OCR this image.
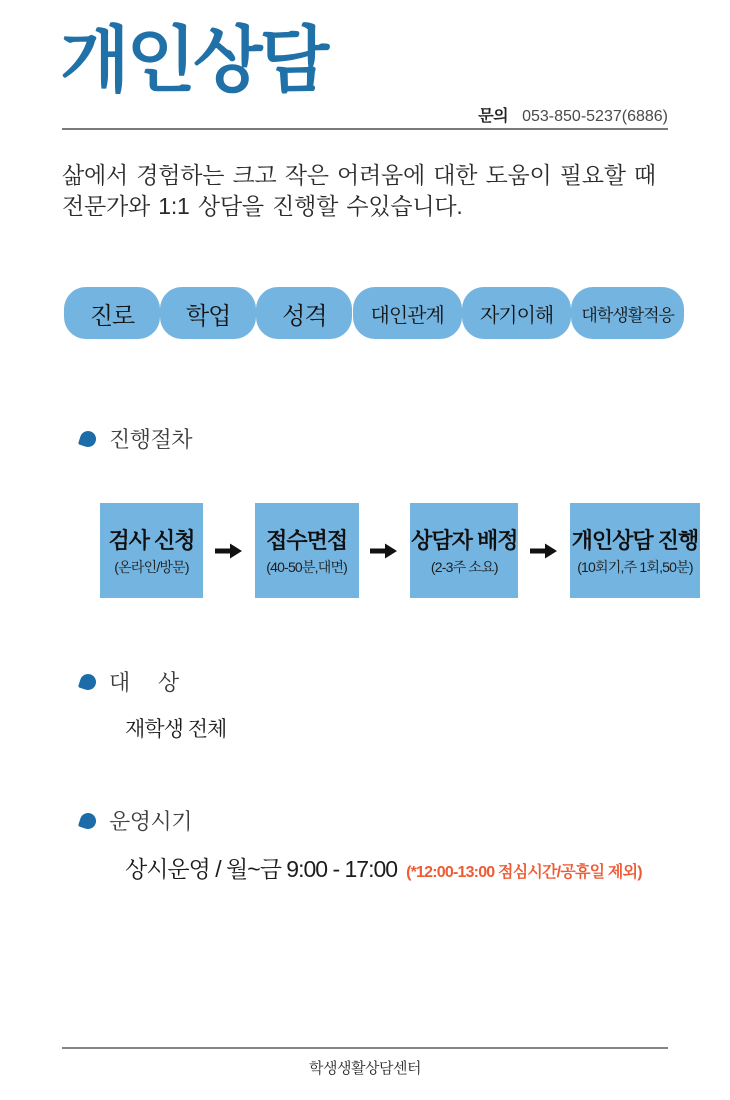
개인상담
문의 053-850-5237(6886)

삶에서 경험하는 크고 작은 어려움에 대한 도움이 필요할 때 전문가와 1:1 상담을 진행할 수있습니다.

진로 학업 성격 대인관계 자기이해 대학생활적응
진행절차
검사 신청
(온라인/방문)
접수면접
(40-50분,대면)
상담자 배정
(2-3주 소요)
개인상담 진행
(10회기,주 1회,50분)
대     상
재학생 전체
운영시기
상시운영 / 월~금 9:00 - 17:00 (*12:00-13:00 점심시간/공휴일 제외)
학생생활상담센터
